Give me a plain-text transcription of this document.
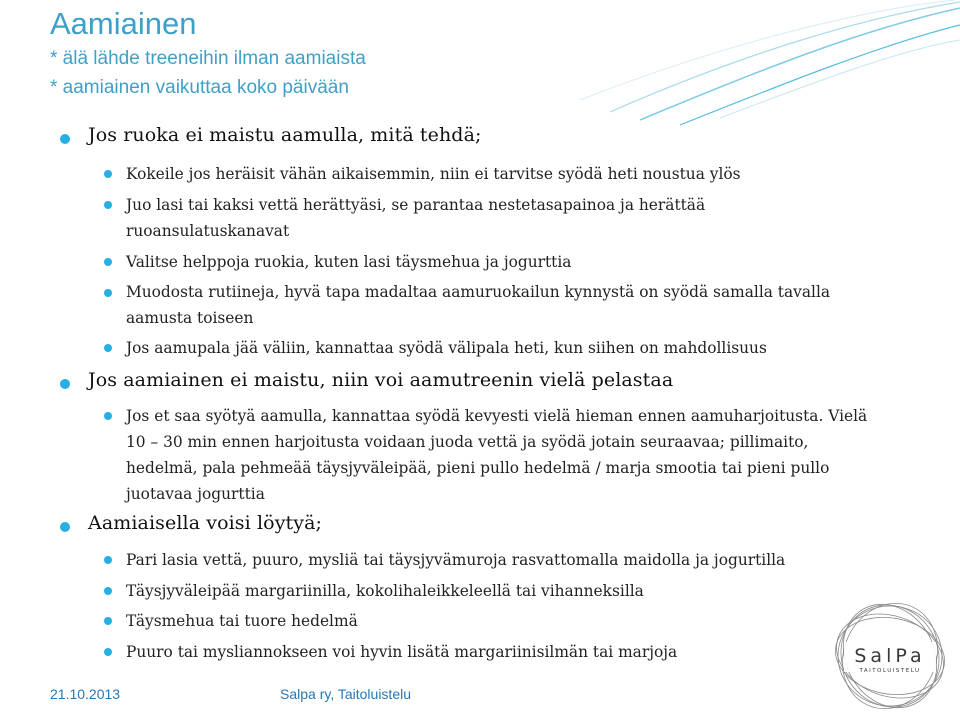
Aamiainen
* älä lähde treeneihin ilman aamiaista
* aamiainen vaikuttaa koko päivään
Jos ruoka ei maistu aamulla, mitä tehdä;
Kokeile jos heräisit vähän aikaisemmin, niin ei tarvitse syödä heti noustua ylös
Juo lasi tai kaksi vettä herättyäsi, se parantaa nestetasapainoa ja herättää ruoansulatuskanavat
Valitse helppoja ruokia, kuten lasi täysmehua ja jogurttia
Muodosta rutiineja, hyvä tapa madaltaa aamuruokailun kynnystä on syödä samalla tavalla aamusta toiseen
Jos aamupala jää väliin, kannattaa syödä välipala heti, kun siihen on mahdollisuus
Jos aamiainen ei maistu, niin voi aamutreenin vielä pelastaa
Jos et saa syötyä aamulla, kannattaa syödä kevyesti vielä hieman ennen aamuharjoitusta. Vielä 10 – 30 min ennen harjoitusta voidaan juoda vettä ja syödä jotain seuraavaa; pillimaito, hedelmä, pala pehmeää täysjyväleipää, pieni pullo hedelmä / marja smootia tai pieni pullo juotavaa jogurttia
Aamiaisella voisi löytyä;
Pari lasia vettä, puuro, mysliä tai täysjyvämuroja rasvattomalla maidolla ja jogurtilla
Täysjyväleipää margariinilla, kokolihaleikkeleellä tai vihanneksilla
Täysmehua tai tuore hedelmä
Puuro tai mysliannokseen voi hyvin lisätä margariinisilmän tai marjoja
21.10.2013	Salpa ry, Taitoluistelu
SalPa
TAITOLUISTELU
